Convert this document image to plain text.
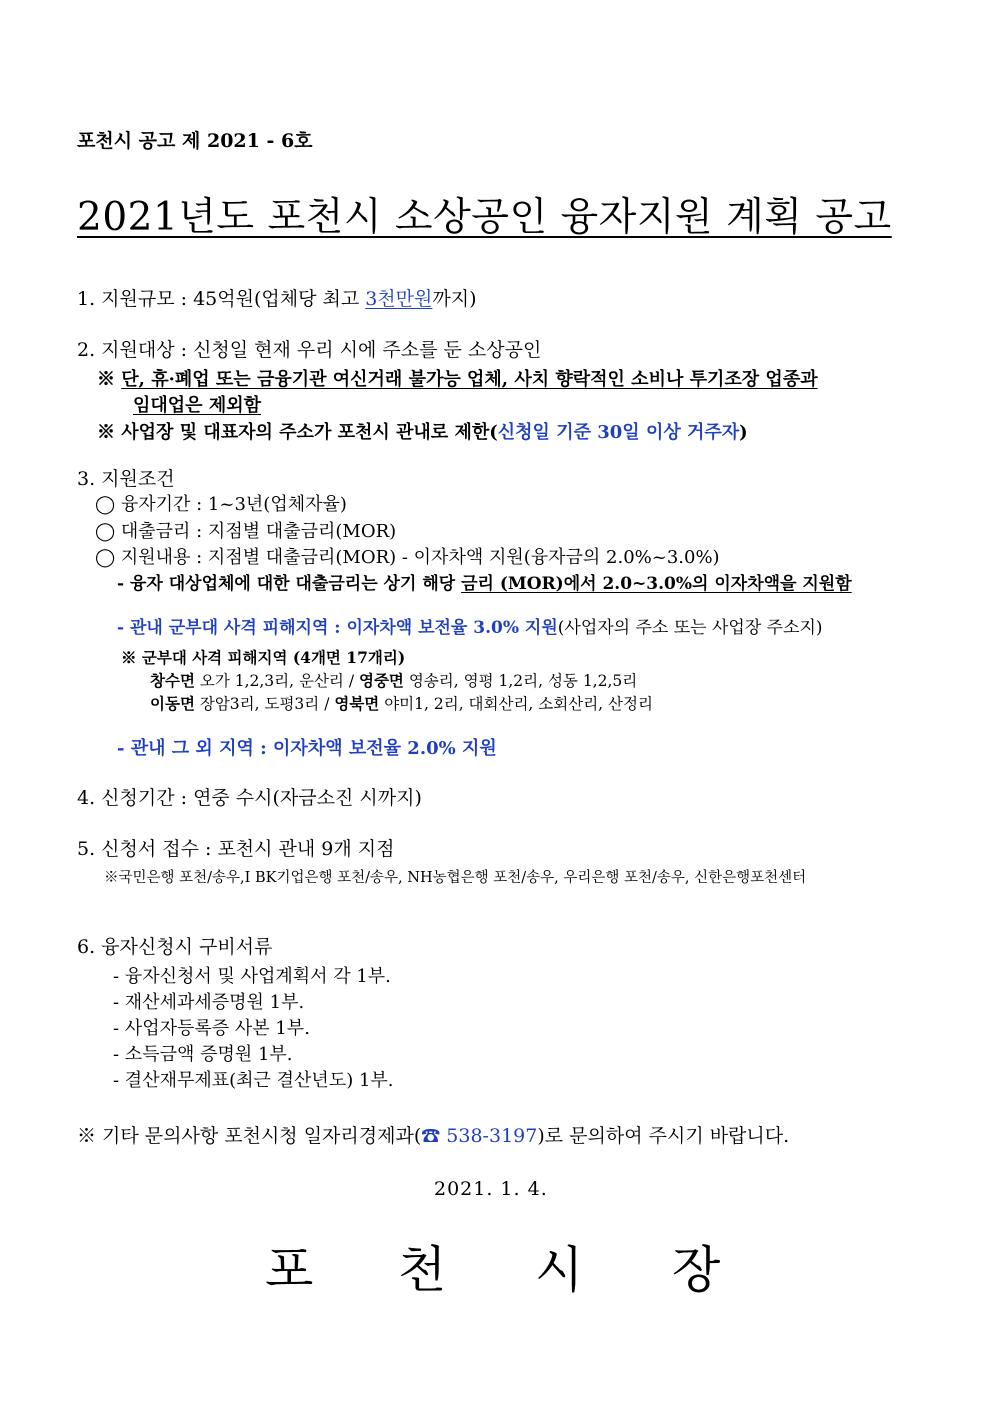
포천시 공고 제 2021 - 6호
2021년도 포천시 소상공인 융자지원 계획 공고
1. 지원규모 : 45억원(업체당 최고 3천만원까지)
2. 지원대상 : 신청일 현재 우리 시에 주소를 둔 소상공인
※ 단, 휴·폐업 또는 금융기관 여신거래 불가능 업체, 사치 향락적인 소비나 투기조장 업종과
임대업은 제외함
※ 사업장 및 대표자의 주소가 포천시 관내로 제한(신청일 기준 30일 이상 거주자)
3. 지원조건
◯ 융자기간 : 1~3년(업체자율)
◯ 대출금리 : 지점별 대출금리(MOR)
◯ 지원내용 : 지점별 대출금리(MOR) - 이자차액 지원(융자금의 2.0%~3.0%)
- 융자 대상업체에 대한 대출금리는 상기 해당 금리 (MOR)에서 2.0~3.0%의 이자차액을 지원함
- 관내 군부대 사격 피해지역 : 이자차액 보전율 3.0% 지원(사업자의 주소 또는 사업장 주소지)
※ 군부대 사격 피해지역 (4개면 17개리)
창수면 오가 1,2,3리, 운산리 / 영중면 영송리, 영평 1,2리, 성동 1,2,5리
이동면 장암3리, 도평3리 / 영북면 야미1, 2리, 대회산리, 소회산리, 산정리
- 관내 그 외 지역 : 이자차액 보전율 2.0% 지원
4. 신청기간 : 연중 수시(자금소진 시까지)
5. 신청서 접수 : 포천시 관내 9개 지점
※국민은행 포천/송우,I BK기업은행 포천/송우, NH농협은행 포천/송우, 우리은행 포천/송우, 신한은행포천센터
6. 융자신청시 구비서류
- 융자신청서 및 사업계획서 각 1부.
- 재산세과세증명원 1부.
- 사업자등록증 사본 1부.
- 소득금액 증명원 1부.
- 결산재무제표(최근 결산년도) 1부.
※ 기타 문의사항 포천시청 일자리경제과(☎ 538-3197)로 문의하여 주시기 바랍니다.
2021. 1. 4.
포 천 시 장
